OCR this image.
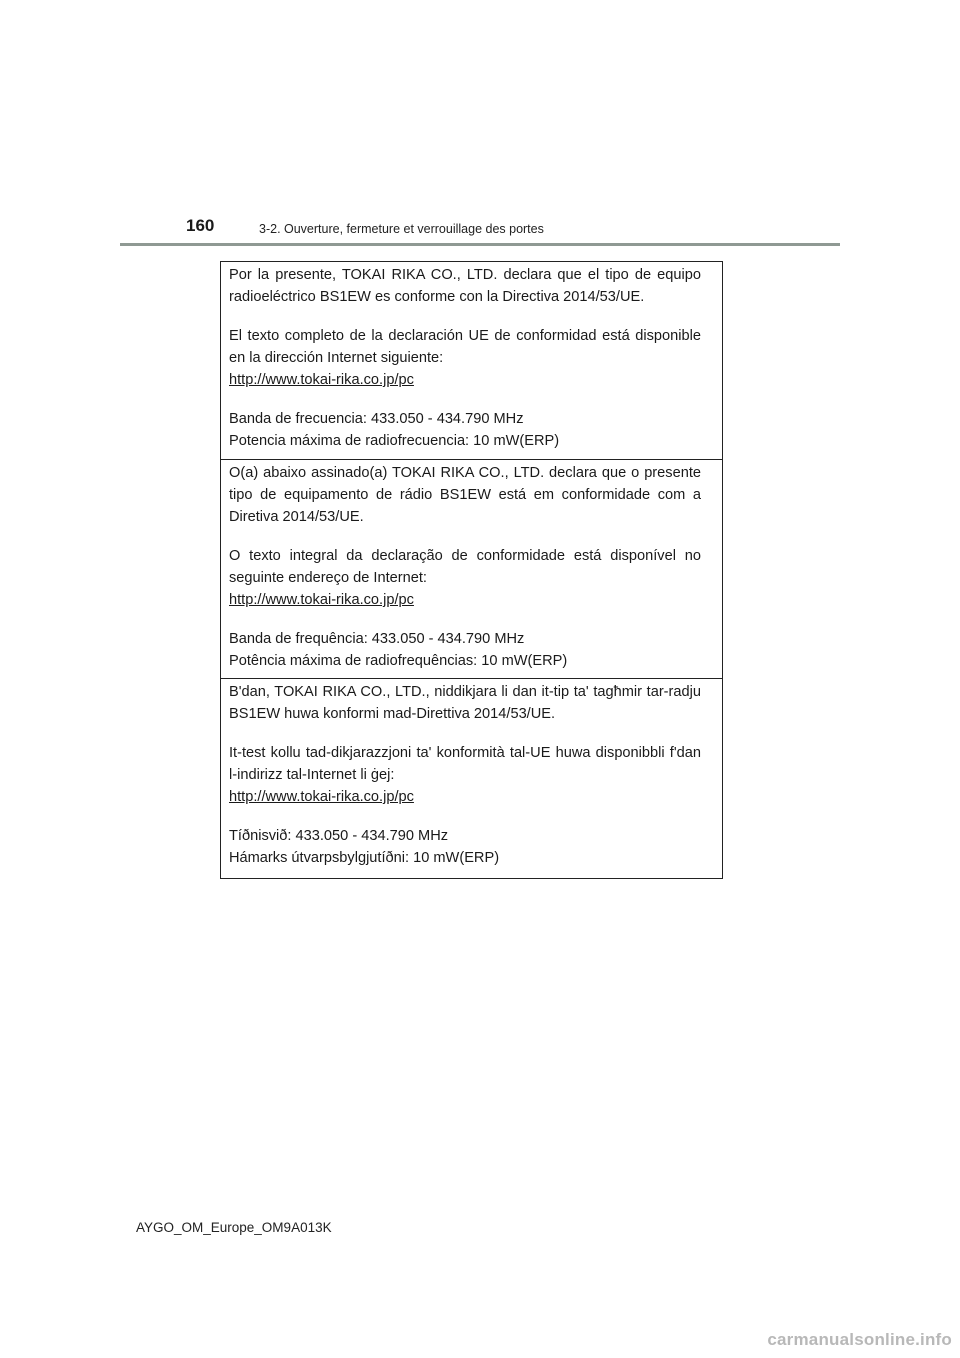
160	3-2. Ouverture, fermeture et verrouillage des portes

Por la presente, TOKAI RIKA CO., LTD. declara que el tipo de equipo radioeléctrico BS1EW es conforme con la Directiva 2014/53/UE.

El texto completo de la declaración UE de conformidad está disponible en la dirección Internet siguiente:
http://www.tokai-rika.co.jp/pc

Banda de frecuencia: 433.050 - 434.790 MHz

Potencia máxima de radiofrecuencia: 10 mW(ERP)

O(a) abaixo assinado(a) TOKAI RIKA CO., LTD. declara que o presente tipo de equipamento de rádio BS1EW está em conformidade com a Diretiva 2014/53/UE.

O texto integral da declaração de conformidade está disponível no seguinte endereço de Internet:
http://www.tokai-rika.co.jp/pc

Banda de frequência: 433.050 - 434.790 MHz

Potência máxima de radiofrequências: 10 mW(ERP)

B'dan, TOKAI RIKA CO., LTD., niddikjara li dan it-tip ta' tagħmir tar-radju BS1EW huwa konformi mad-Direttiva 2014/53/UE.

It-test kollu tad-dikjarazzjoni ta' konformità tal-UE huwa disponibbli f'dan l-indirizz tal-Internet li ġej:
http://www.tokai-rika.co.jp/pc

Tíðnisvið: 433.050 - 434.790 MHz

Hámarks útvarpsbylgjutíðni: 10 mW(ERP)

AYGO_OM_Europe_OM9A013K
carmanualsonline.info
